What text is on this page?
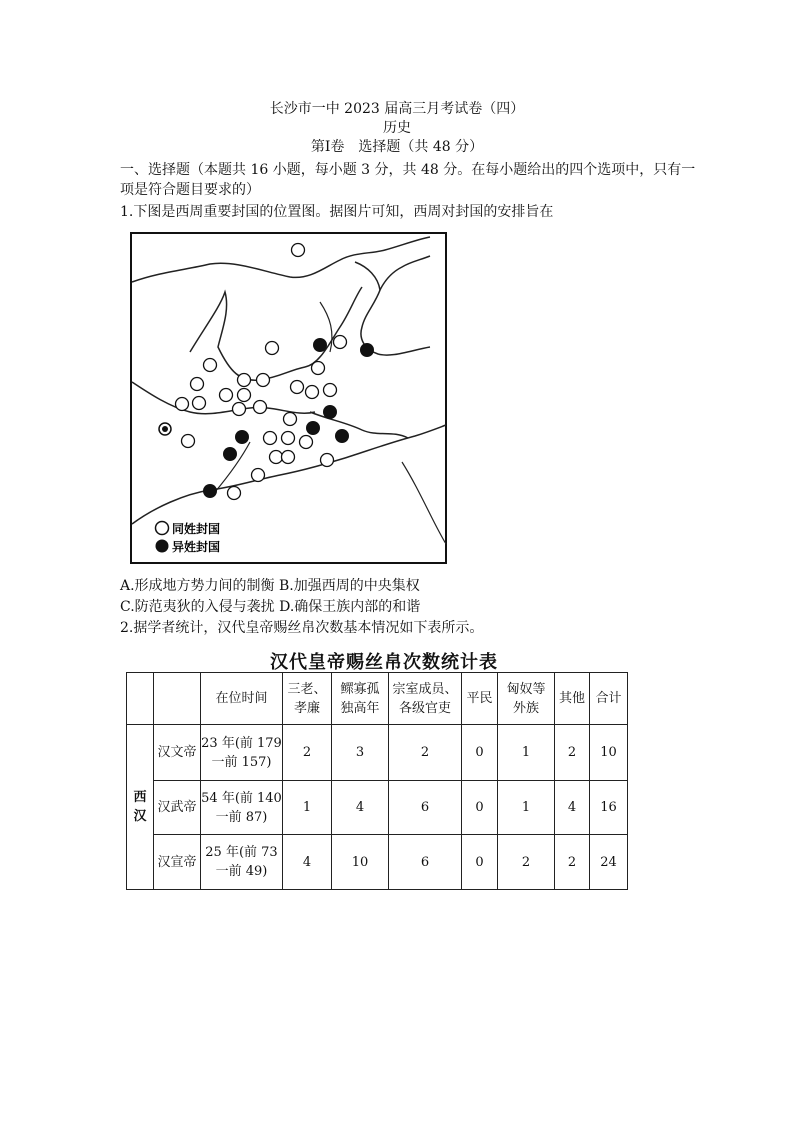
长沙市一中 2023 届高三月考试卷（四）
历史
第Ⅰ卷　选择题（共 48 分）
一、选择题（本题共 16 小题，每小题 3 分，共 48 分。在每小题给出的四个选项中，只有一
项是符合题目要求的）
1.下图是西周重要封国的位置图。据图片可知，西周对封国的安排旨在
同姓封国
异姓封国
A.形成地方势力间的制衡 B.加强西周的中央集权
C.防范夷狄的入侵与袭扰 D.确保王族内部的和谐
2.据学者统计，汉代皇帝赐丝帛次数基本情况如下表所示。
汉代皇帝赐丝帛次数统计表
		在位时间	三老、
孝廉	鳏寡孤
独高年	宗室成员、
各级官吏	平民	匈奴等
外族	其他	合计
西
汉	汉文帝	23 年(前 179
一前 157)	2	3	2	0	1	2	10
	汉武帝	54 年(前 140
一前 87)	1	4	6	0	1	4	16
	汉宣帝	25 年(前 73
一前 49)	4	10	6	0	2	2	24
